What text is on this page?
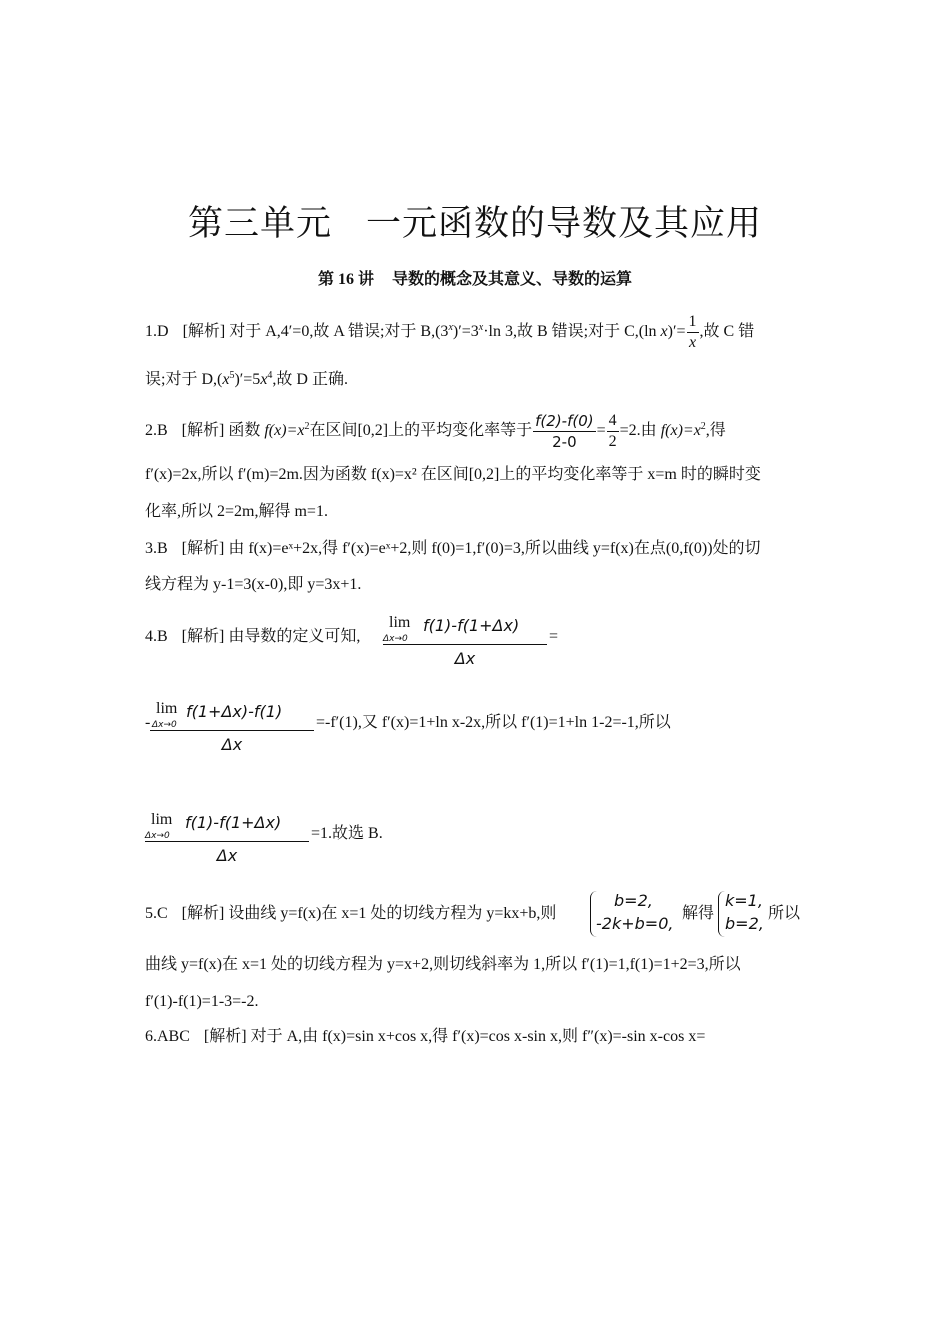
第三单元 一元函数的导数及其应用
第 16 讲 导数的概念及其意义、导数的运算
1.D [解析] 对于 A,4′=0,故 A 错误;对于 $B,(3^x)'=3^x\cdot\ln$ 3,故 B 错误;对于 C,(ln $x)'= \frac{1}{x}$ ,故 C 错
误;对于 $D,(x^5)'=5x^4$,故 D 正确.
2.B [解析] 函数 $f(x)=x^2$在区间[0,2]上的平均变化率等于 $\frac{f(2)-f(0)}{2-0} = \frac{4}{2} =2$.由 $f(x)=x^2$,得
f′(x)=2x,所以 f′(m)=2m.因为函数 f(x)=x² 在区间[0,2]上的平均变化率等于 x=m 时的瞬时变
化率,所以 2=2m,解得 m=1.
3.B [解析] 由 f(x)=eˣ+2x,得 f′(x)=eˣ+2,则 f(0)=1,f′(0)=3,所以曲线 y=f(x)在点(0,f(0))处的切
线方程为 y-1=3(x-0),即 y=3x+1.
4.B [解析] 由导数的定义可知,
lim
Δx→0
f(1)-f(1+Δx)
Δx
=
-
lim
Δx→0
f(1+Δx)-f(1)
Δx
=-f′(1),又 f′(x)=1+ln x-2x,所以 f′(1)=1+ln 1-2=-1,所以
lim
Δx→0
f(1)-f(1+Δx)
Δx
=1.故选 B.
5.C [解析] 设曲线 y=f(x)在 x=1 处的切线方程为 y=kx+b,则
b=2,
-2k+b=0,
解得
k=1,
b=2,
所以
曲线 y=f(x)在 x=1 处的切线方程为 y=x+2,则切线斜率为 1,所以 f′(1)=1,f(1)=1+2=3,所以
f′(1)-f(1)=1-3=-2.
6.ABC [解析] 对于 A,由 f(x)=sin x+cos x,得 f′(x)=cos x-sin x,则 f″(x)=-sin x-cos x=
